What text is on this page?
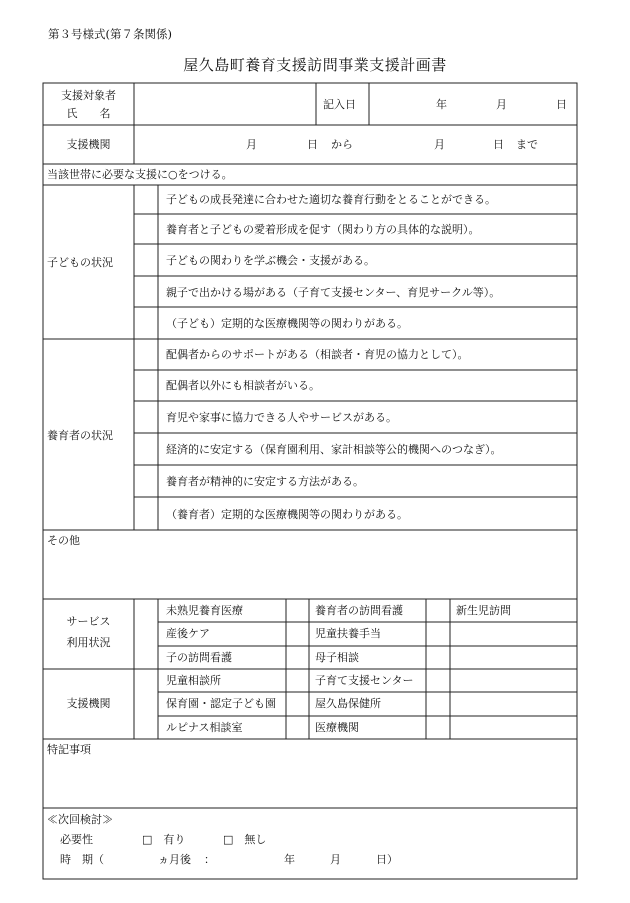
第３号様式(第７条関係)
屋久島町養育支援訪問事業支援計画書
支援対象者
氏　　名
記入日	年	月	日
支援機関	月	日 から	月	日 まで
当該世帯に必要な支援に○をつける。
子どもの状況
子どもの成長発達に合わせた適切な養育行動をとることができる。
養育者と子どもの愛着形成を促す（関わり方の具体的な説明）。
子どもの関わりを学ぶ機会・支援がある。
親子で出かける場がある（子育て支援センター、育児サークル等）。
（子ども）定期的な医療機関等の関わりがある。
養育者の状況
配偶者からのサポートがある（相談者・育児の協力として）。
配偶者以外にも相談者がいる。
育児や家事に協力できる人やサービスがある。
経済的に安定する（保育園利用、家計相談等公的機関へのつなぎ）。
養育者が精神的に安定する方法がある。
（養育者）定期的な医療機関等の関わりがある。
その他
サービス
利用状況
未熟児養育医療	養育者の訪問看護	新生児訪問
産後ケア	児童扶養手当
子の訪問看護	母子相談
支援機関
児童相談所	子育て支援センター
保育園・認定子ども園	屋久島保健所
ルピナス相談室	医療機関
特記事項
≪次回検討≫
必要性	□　有り	□　無し
時　期（	ヵ月後 ：	年	月	日）
